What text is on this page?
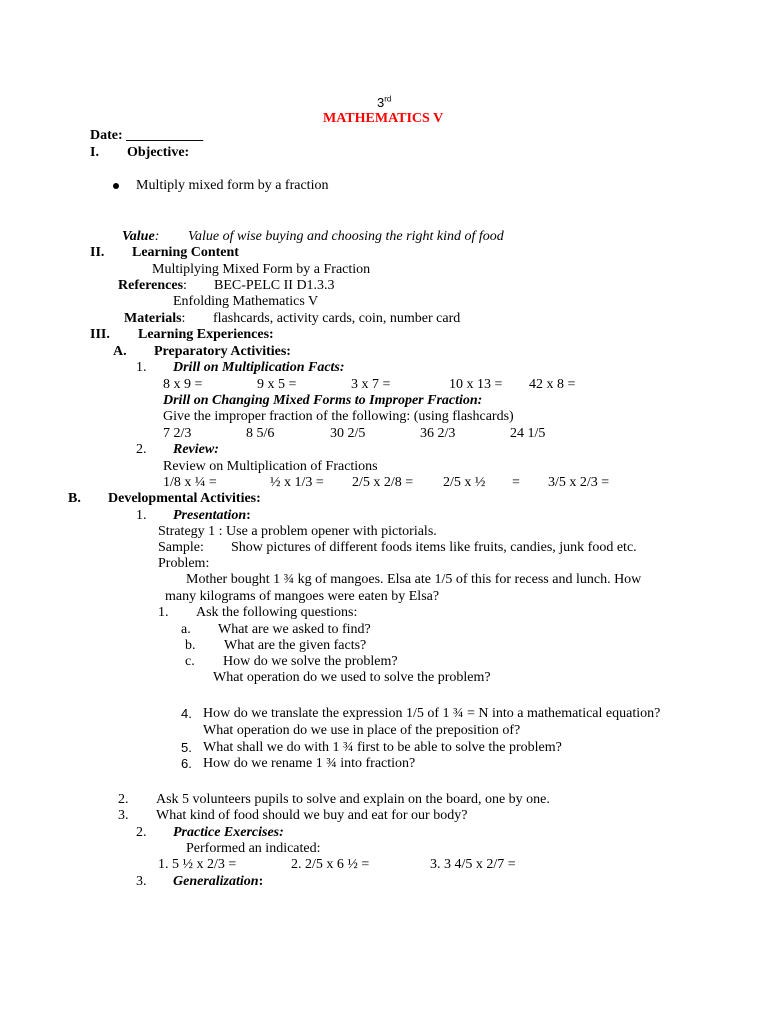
3rd
MATHEMATICS V
Date: ___________
I. Objective:
Multiply mixed form by a fraction
Value: Value of wise buying and choosing the right kind of food
II. Learning Content
Multiplying Mixed Form by a Fraction
References: BEC-PELC II D1.3.3
Enfolding Mathematics V
Materials: flashcards, activity cards, coin, number card
III. Learning Experiences:
A. Preparatory Activities:
1. Drill on Multiplication Facts:
8 x 9 =	9 x 5 =	3 x 7 =	10 x 13 = 42 x 8 =
Drill on Changing Mixed Forms to Improper Fraction:
Give the improper fraction of the following: (using flashcards)
7 2/3	8 5/6	30 2/5	36 2/3	24 1/5
2. Review:
Review on Multiplication of Fractions
1/8 x ¼ =	½ x 1/3 = 2/5 x 2/8 = 2/5 x ½ = 3/5 x 2/3 =
B. Developmental Activities:
1. Presentation:
Strategy 1 : Use a problem opener with pictorials.
Sample: Show pictures of different foods items like fruits, candies, junk food etc.
Problem:
Mother bought 1 ¾ kg of mangoes. Elsa ate 1/5 of this for recess and lunch. How
many kilograms of mangoes were eaten by Elsa?
1. Ask the following questions:
a. What are we asked to find?
b. What are the given facts?
c. How do we solve the problem?
What operation do we used to solve the problem?
4. How do we translate the expression 1/5 of 1 ¾ = N into a mathematical equation?
What operation do we use in place of the preposition of?
5. What shall we do with 1 ¾ first to be able to solve the problem?
6. How do we rename 1 ¾ into fraction?
2. Ask 5 volunteers pupils to solve and explain on the board, one by one.
3. What kind of food should we buy and eat for our body?
2. Practice Exercises:
Performed an indicated:
1. 5 ½ x 2/3 =	2. 2/5 x 6 ½ =	3. 3 4/5 x 2/7 =
3. Generalization:
